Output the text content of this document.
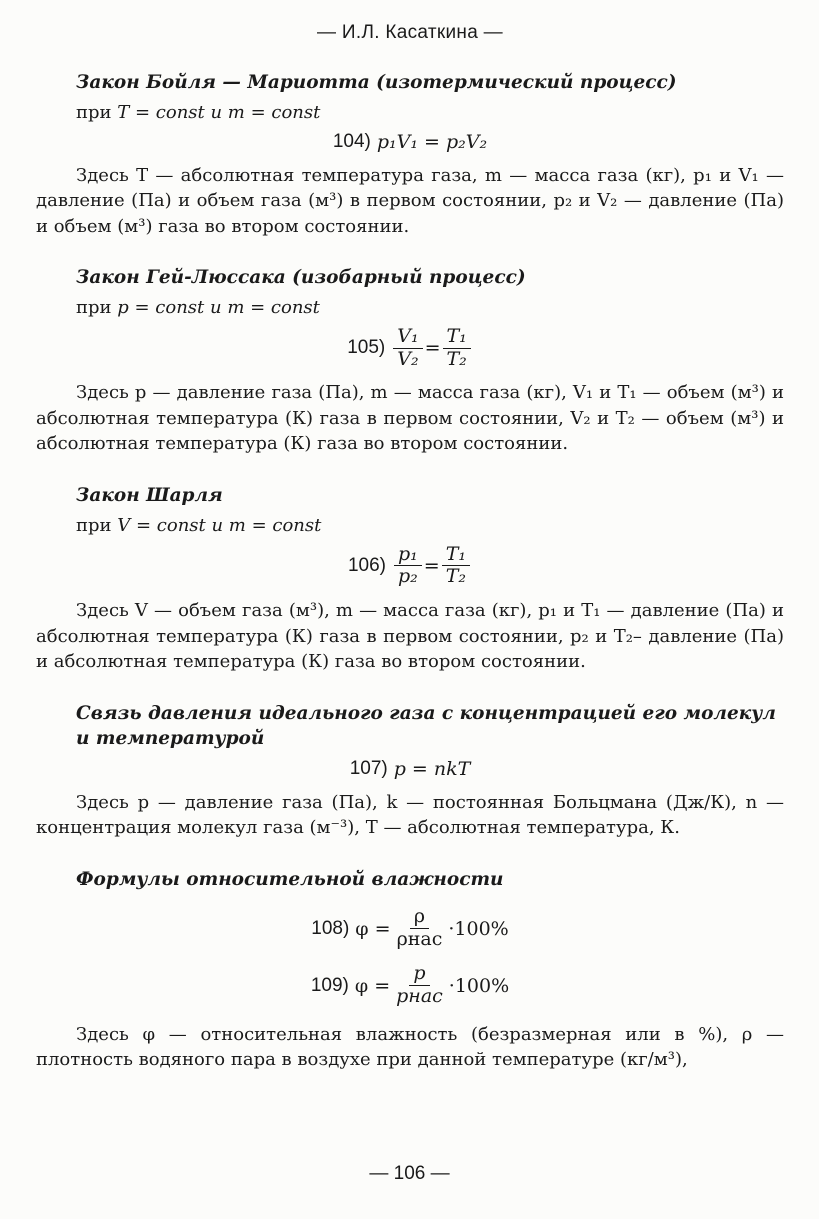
— И.Л. Касаткина —
Закон Бойля — Мариотта (изотермический процесс)
при T = const и m = const
104) p₁V₁ = p₂V₂

Здесь T — абсолютная температура газа, m — масса газа (кг), p₁ и V₁ — давление (Па) и объем газа (м³) в первом состоянии, p₂ и V₂ — давление (Па) и объем (м³) газа во втором состоянии.

Закон Гей-Люссака (изобарный процесс)
при p = const и m = const
$105) \frac{\text{V₁}}{\text{V₂}} = \frac{\text{T₁}}{\text{T₂}}$

Здесь p — давление газа (Па), m — масса газа (кг), V₁ и T₁ — объем (м³) и абсолютная температура (К) газа в первом состоянии, V₂ и T₂ — объем (м³) и абсолютная температура (К) газа во втором состоянии.

Закон Шарля
при V = const и m = const
$106) \frac{\text{p₁}}{\text{p₂}} = \frac{\text{T₁}}{\text{T₂}}$

Здесь V — объем газа (м³), m — масса газа (кг), p₁ и T₁ — давление (Па) и абсолютная температура (К) газа в первом состоянии, p₂ и T₂– давление (Па) и абсолютная температура (К) газа во втором состоянии.

Связь давления идеального газа с концентрацией его молекул и температурой
107) p = nkT

Здесь p — давление газа (Па), k — постоянная Больцмана (Дж/К), n — концентрация молекул газа (м⁻³), T — абсолютная температура, К.

Формулы относительной влажности
108) $\varphi = \frac{\rho}{\text{ρнас}} \cdot 100\%$
109) $\varphi = \frac{p}{\text{pнас}} \cdot 100\%$

Здесь φ — относительная влажность (безразмерная или в %), ρ — плотность водяного пара в воздухе при данной температуре (кг/м³),

— 106 —
